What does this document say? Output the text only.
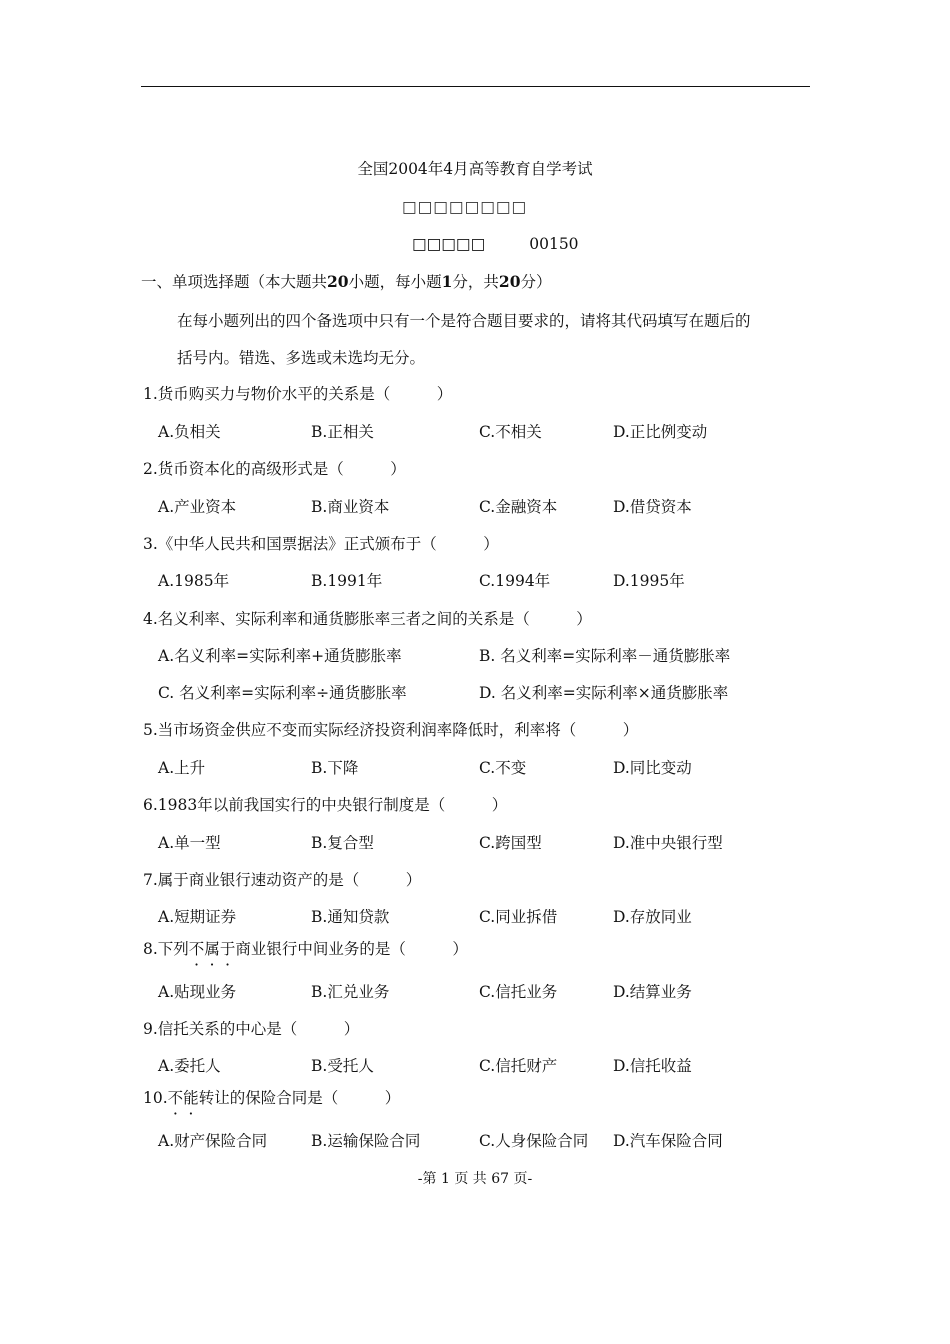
全国2004年4月高等教育自学考试
□□□□□□□□
□□□□□	00150
一、单项选择题（本大题共20小题，每小题1分，共20分）
在每小题列出的四个备选项中只有一个是符合题目要求的，请将其代码填写在题后的
括号内。错选、多选或未选均无分。
1.货币购买力与物价水平的关系是（　　　）
A.负相关	B.正相关	C.不相关	D.正比例变动
2.货币资本化的高级形式是（　　　）
A.产业资本	B.商业资本	C.金融资本	D.借贷资本
3.《中华人民共和国票据法》正式颁布于（　　　）
A.1985年	B.1991年	C.1994年	D.1995年
4.名义利率、实际利率和通货膨胀率三者之间的关系是（　　　）
A.名义利率=实际利率+通货膨胀率	B. 名义利率=实际利率－通货膨胀率
C. 名义利率=实际利率÷通货膨胀率	D. 名义利率=实际利率×通货膨胀率
5.当市场资金供应不变而实际经济投资利润率降低时，利率将（　　　）
A.上升	B.下降	C.不变	D.同比变动
6.1983年以前我国实行的中央银行制度是（　　　）
A.单一型	B.复合型	C.跨国型	D.准中央银行型
7.属于商业银行速动资产的是（　　　）
A.短期证券	B.通知贷款	C.同业拆借	D.存放同业
8.下列不属于商业银行中间业务的是（　　　）
A.贴现业务	B.汇兑业务	C.信托业务	D.结算业务
9.信托关系的中心是（　　　）
A.委托人	B.受托人	C.信托财产	D.信托收益
10.不能转让的保险合同是（　　　）
A.财产保险合同	B.运输保险合同	C.人身保险合同 D.汽车保险合同
-第 1 页 共 67 页-
